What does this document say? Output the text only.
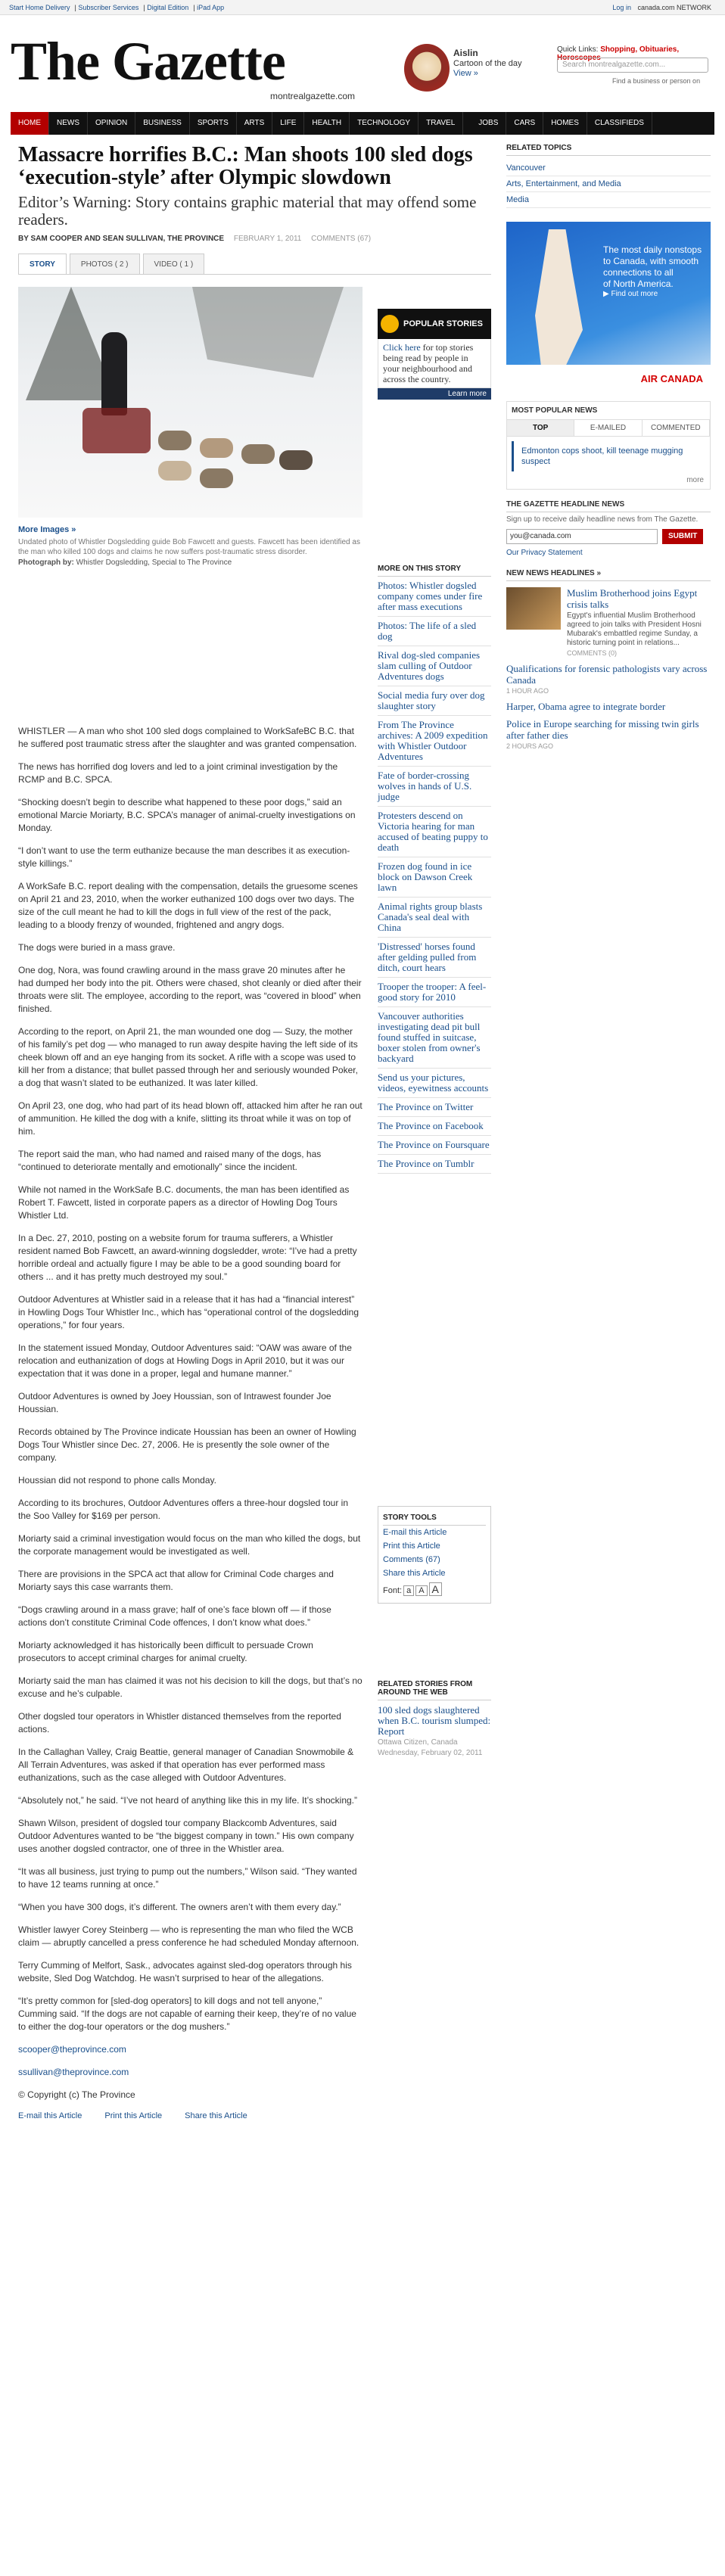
Start Home Delivery | Subscriber Services | Digital Edition | iPad App	Log in canada.com NETWORK
The Gazette
montrealgazette.com
Aislin
Cartoon of the day
View »
Quick Links: Shopping, Obituaries, Horoscopes
Search montrealgazette.com...
Find a business or person on
HOME	NEWS	OPINION	BUSINESS	SPORTS	ARTS	LIFE	HEALTH	TECHNOLOGY	TRAVEL	JOBS	CARS	HOMES	CLASSIFIEDS
Massacre horrifies B.C.: Man shoots 100 sled dogs ‘execution-style’ after Olympic slowdown
Editor’s Warning: Story contains graphic material that may offend some readers.
BY SAM COOPER AND SEAN SULLIVAN, THE PROVINCE FEBRUARY 1, 2011 COMMENTS (67)
STORY	PHOTOS ( 2 )	VIDEO ( 1 )
More Images »
Undated photo of Whistler Dogsledding guide Bob Fawcett and guests. Fawcett has been identified as the man who killed 100 dogs and claims he now suffers post-traumatic stress disorder.
Photograph by: Whistler Dogsledding, Special to The Province
POPULAR STORIES
Click here for top stories being read by people in your neighbourhood and across the country.
Learn more
MORE ON THIS STORY
Photos: Whistler dogsled company comes under fire after mass executions
Photos: The life of a sled dog
Rival dog-sled companies slam culling of Outdoor Adventures dogs
Social media fury over dog slaughter story
From The Province archives: A 2009 expedition with Whistler Outdoor Adventures
Fate of border-crossing wolves in hands of U.S. judge
Protesters descend on Victoria hearing for man accused of beating puppy to death
Frozen dog found in ice block on Dawson Creek lawn
Animal rights group blasts Canada's seal deal with China
'Distressed' horses found after gelding pulled from ditch, court hears
Trooper the trooper: A feel-good story for 2010
Vancouver authorities investigating dead pit bull found stuffed in suitcase, boxer stolen from owner's backyard
Send us your pictures, videos, eyewitness accounts
The Province on Twitter
The Province on Facebook
The Province on Foursquare
The Province on Tumblr
STORY TOOLS
E-mail this Article
Print this Article
Comments (67)
Share this Article
Font: a A A
RELATED STORIES FROM AROUND THE WEB
100 sled dogs slaughtered when B.C. tourism slumped: Report
Ottawa Citizen, Canada
Wednesday, February 02, 2011

WHISTLER — A man who shot 100 sled dogs complained to WorkSafeBC B.C. that he suffered post traumatic stress after the slaughter and was granted compensation.

The news has horrified dog lovers and led to a joint criminal investigation by the RCMP and B.C. SPCA.

“Shocking doesn’t begin to describe what happened to these poor dogs,” said an emotional Marcie Moriarty, B.C. SPCA’s manager of animal-cruelty investigations on Monday.

“I don’t want to use the term euthanize because the man describes it as execution-style killings.”

A WorkSafe B.C. report dealing with the compensation, details the gruesome scenes on April 21 and 23, 2010, when the worker euthanized 100 dogs over two days. The size of the cull meant he had to kill the dogs in full view of the rest of the pack, leading to a bloody frenzy of wounded, frightened and angry dogs.

The dogs were buried in a mass grave.

One dog, Nora, was found crawling around in the mass grave 20 minutes after he had dumped her body into the pit. Others were chased, shot cleanly or died after their throats were slit. The employee, according to the report, was “covered in blood” when finished.

According to the report, on April 21, the man wounded one dog — Suzy, the mother of his family’s pet dog — who managed to run away despite having the left side of its cheek blown off and an eye hanging from its socket. A rifle with a scope was used to kill her from a distance; that bullet passed through her and seriously wounded Poker, a dog that wasn’t slated to be euthanized. It was later killed.

On April 23, one dog, who had part of its head blown off, attacked him after he ran out of ammunition. He killed the dog with a knife, slitting its throat while it was on top of him.

The report said the man, who had named and raised many of the dogs, has “continued to deteriorate mentally and emotionally” since the incident.

While not named in the WorkSafe B.C. documents, the man has been identified as Robert T. Fawcett, listed in corporate papers as a director of Howling Dog Tours Whistler Ltd.

In a Dec. 27, 2010, posting on a website forum for trauma sufferers, a Whistler resident named Bob Fawcett, an award-winning dogsledder, wrote: “I’ve had a pretty horrible ordeal and actually figure I may be able to be a good sounding board for others ... and it has pretty much destroyed my soul.”

Outdoor Adventures at Whistler said in a release that it has had a “financial interest” in Howling Dogs Tour Whistler Inc., which has “operational control of the dogsledding operations,” for four years.

In the statement issued Monday, Outdoor Adventures said: “OAW was aware of the relocation and euthanization of dogs at Howling Dogs in April 2010, but it was our expectation that it was done in a proper, legal and humane manner.”

Outdoor Adventures is owned by Joey Houssian, son of Intrawest founder Joe Houssian.

Records obtained by The Province indicate Houssian has been an owner of Howling Dogs Tour Whistler since Dec. 27, 2006. He is presently the sole owner of the company.

Houssian did not respond to phone calls Monday.

According to its brochures, Outdoor Adventures offers a three-hour dogsled tour in the Soo Valley for $169 per person.

Moriarty said a criminal investigation would focus on the man who killed the dogs, but the corporate management would be investigated as well.

There are provisions in the SPCA act that allow for Criminal Code charges and Moriarty says this case warrants them.

“Dogs crawling around in a mass grave; half of one’s face blown off — if those actions don’t constitute Criminal Code offences, I don’t know what does.”

Moriarty acknowledged it has historically been difficult to persuade Crown prosecutors to accept criminal charges for animal cruelty.

Moriarty said the man has claimed it was not his decision to kill the dogs, but that’s no excuse and he’s culpable.

Other dogsled tour operators in Whistler distanced themselves from the reported actions.

In the Callaghan Valley, Craig Beattie, general manager of Canadian Snowmobile & All Terrain Adventures, was asked if that operation has ever performed mass euthanizations, such as the case alleged with Outdoor Adventures.

“Absolutely not,” he said. “I’ve not heard of anything like this in my life. It’s shocking.”

Shawn Wilson, president of dogsled tour company Blackcomb Adventures, said Outdoor Adventures wanted to be “the biggest company in town.” His own company uses another dogsled contractor, one of three in the Whistler area.

“It was all business, just trying to pump out the numbers,” Wilson said. “They wanted to have 12 teams running at once.”

“When you have 300 dogs, it’s different. The owners aren’t with them every day.”

Whistler lawyer Corey Steinberg — who is representing the man who filed the WCB claim — abruptly cancelled a press conference he had scheduled Monday afternoon.

Terry Cumming of Melfort, Sask., advocates against sled-dog operators through his website, Sled Dog Watchdog. He wasn’t surprised to hear of the allegations.

“It’s pretty common for [sled-dog operators] to kill dogs and not tell anyone,” Cumming said. “If the dogs are not capable of earning their keep, they’re of no value to either the dog-tour operators or the dog mushers.”

scooper@theprovince.com

ssullivan@theprovince.com

© Copyright (c) The Province

E-mail this Article	Print this Article	Share this Article
RELATED TOPICS
Vancouver
Arts, Entertainment, and Media
Media
The most daily nonstops
to Canada, with smooth
connections to all
of North America.
▶ Find out more
AIR CANADA
MOST POPULAR NEWS
TOP	E-MAILED	COMMENTED
Edmonton cops shoot, kill teenage mugging suspect
more
THE GAZETTE HEADLINE NEWS
Sign up to receive daily headline news from The Gazette.
you@canada.com	SUBMIT
Our Privacy Statement
NEW NEWS HEADLINES »
Muslim Brotherhood joins Egypt crisis talks
Egypt's influential Muslim Brotherhood agreed to join talks with President Hosni Mubarak's embattled regime Sunday, a historic turning point in relations...
COMMENTS (0)
Qualifications for forensic pathologists vary across Canada
1 HOUR AGO
Harper, Obama agree to integrate border
Police in Europe searching for missing twin girls after father dies
2 HOURS AGO
